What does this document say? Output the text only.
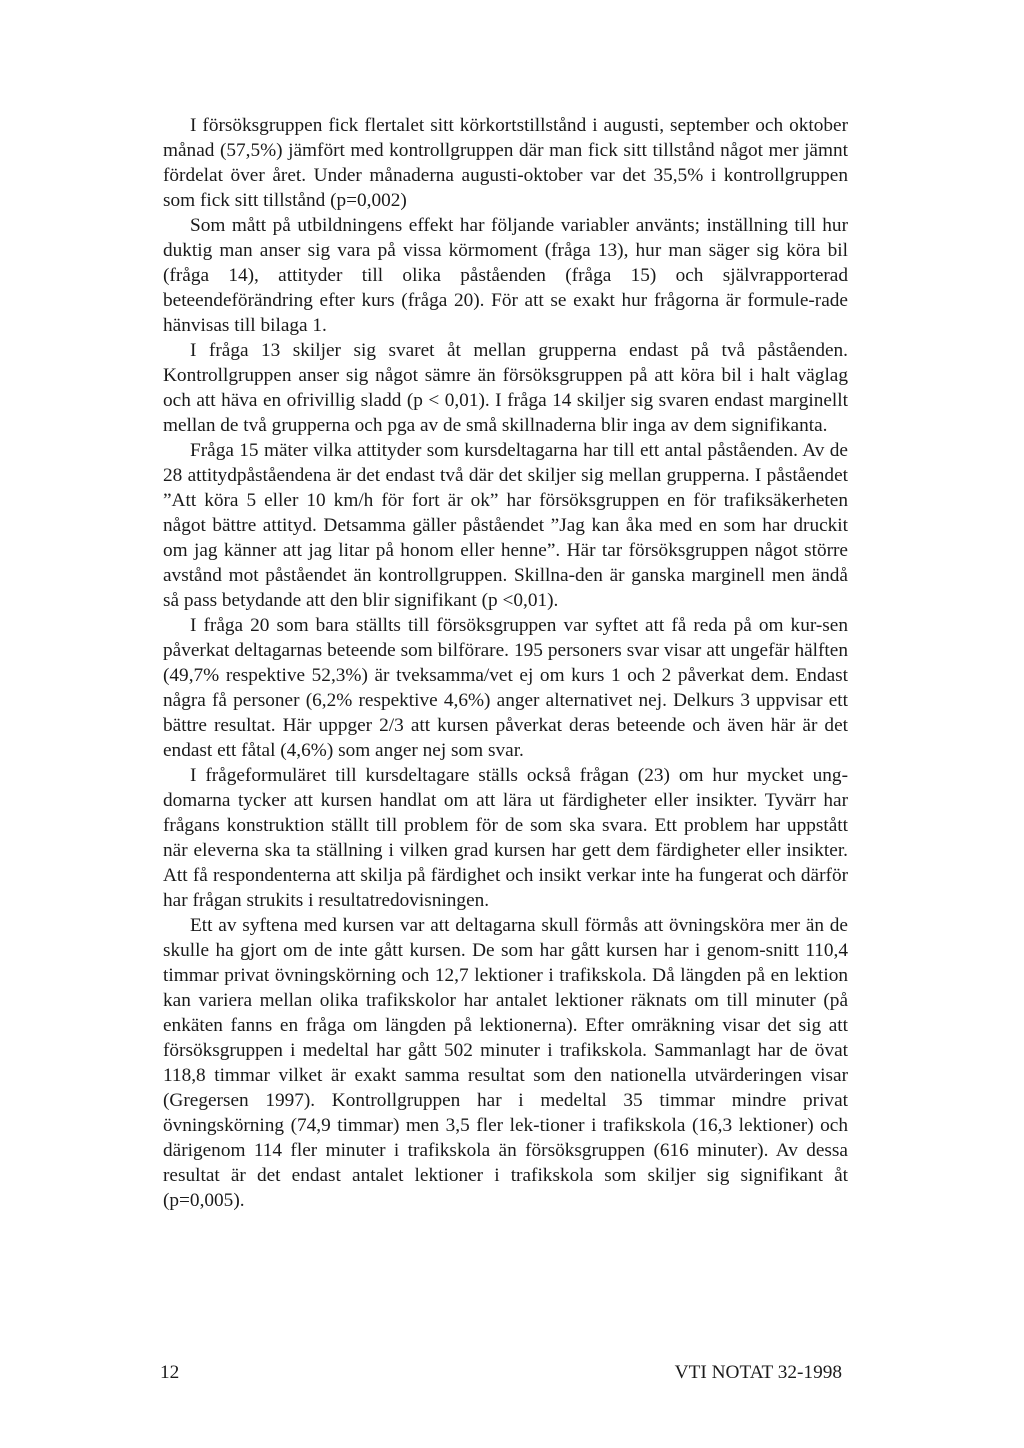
I försöksgruppen fick flertalet sitt körkortstillstånd i augusti, september och oktober månad (57,5%) jämfört med kontrollgruppen där man fick sitt tillstånd något mer jämnt fördelat över året. Under månaderna augusti-oktober var det 35,5% i kontrollgruppen som fick sitt tillstånd (p=0,002)

Som mått på utbildningens effekt har följande variabler använts; inställning till hur duktig man anser sig vara på vissa körmoment (fråga 13), hur man säger sig köra bil (fråga 14), attityder till olika påståenden (fråga 15) och självrapporterad beteendeförändring efter kurs (fråga 20). För att se exakt hur frågorna är formule-rade hänvisas till bilaga 1.

I fråga 13 skiljer sig svaret åt mellan grupperna endast på två påståenden. Kontrollgruppen anser sig något sämre än försöksgruppen på att köra bil i halt väglag och att häva en ofrivillig sladd (p < 0,01). I fråga 14 skiljer sig svaren endast marginellt mellan de två grupperna och pga av de små skillnaderna blir inga av dem signifikanta.

Fråga 15 mäter vilka attityder som kursdeltagarna har till ett antal påståenden. Av de 28 attitydpåståendena är det endast två där det skiljer sig mellan grupperna. I påståendet ”Att köra 5 eller 10 km/h för fort är ok” har försöksgruppen en för trafiksäkerheten något bättre attityd. Detsamma gäller påståendet ”Jag kan åka med en som har druckit om jag känner att jag litar på honom eller henne”. Här tar försöksgruppen något större avstånd mot påståendet än kontrollgruppen. Skillna-den är ganska marginell men ändå så pass betydande att den blir signifikant (p <0,01).

I fråga 20 som bara ställts till försöksgruppen var syftet att få reda på om kur-sen påverkat deltagarnas beteende som bilförare. 195 personers svar visar att ungefär hälften (49,7% respektive 52,3%) är tveksamma/vet ej om kurs 1 och 2 påverkat dem. Endast några få personer (6,2% respektive 4,6%) anger alternativet nej. Delkurs 3 uppvisar ett bättre resultat. Här uppger 2/3 att kursen påverkat deras beteende och även här är det endast ett fåtal (4,6%) som anger nej som svar.

I frågeformuläret till kursdeltagare ställs också frågan (23) om hur mycket ung-domarna tycker att kursen handlat om att lära ut färdigheter eller insikter. Tyvärr har frågans konstruktion ställt till problem för de som ska svara. Ett problem har uppstått när eleverna ska ta ställning i vilken grad kursen har gett dem färdigheter eller insikter. Att få respondenterna att skilja på färdighet och insikt verkar inte ha fungerat och därför har frågan strukits i resultatredovisningen.

Ett av syftena med kursen var att deltagarna skull förmås att övningsköra mer än de skulle ha gjort om de inte gått kursen. De som har gått kursen har i genom-snitt 110,4 timmar privat övningskörning och 12,7 lektioner i trafikskola. Då längden på en lektion kan variera mellan olika trafikskolor har antalet lektioner räknats om till minuter (på enkäten fanns en fråga om längden på lektionerna). Efter omräkning visar det sig att försöksgruppen i medeltal har gått 502 minuter i trafikskola. Sammanlagt har de övat 118,8 timmar vilket är exakt samma resultat som den nationella utvärderingen visar (Gregersen 1997). Kontrollgruppen har i medeltal 35 timmar mindre privat övningskörning (74,9 timmar) men 3,5 fler lek-tioner i trafikskola (16,3 lektioner) och därigenom 114 fler minuter i trafikskola än försöksgruppen (616 minuter). Av dessa resultat är det endast antalet lektioner i trafikskola som skiljer sig signifikant åt (p=0,005).

12	VTI NOTAT 32-1998
